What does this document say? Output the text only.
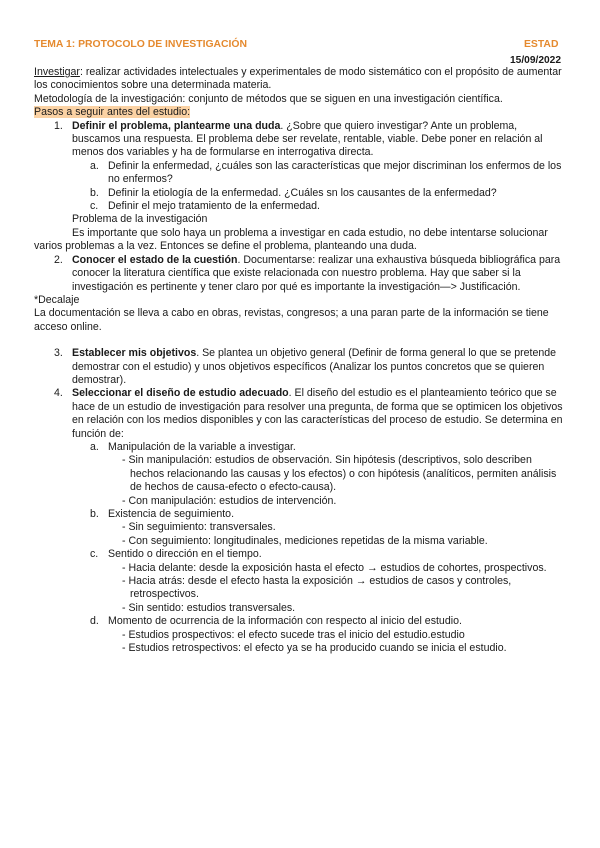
TEMA 1: PROTOCOLO DE INVESTIGACIÓN	ESTAD
15/09/2022

Investigar: realizar actividades intelectuales y experimentales de modo sistemático con el propósito de aumentar los conocimientos sobre una determinada materia.

Metodología de la investigación: conjunto de métodos que se siguen en una investigación científica.

Pasos a seguir antes del estudio:

1. Definir el problema, plantearme una duda. ¿Sobre que quiero investigar? Ante un problema, buscamos una respuesta. El problema debe ser revelate, rentable, viable. Debe poner en relación al menos dos variables y ha de formularse en interrogativa directa.
a. Definir la enfermedad, ¿cuáles son las características que mejor discriminan los enfermos de los no enfermos?
b. Definir la etiología de la enfermedad. ¿Cuáles sn los causantes de la enfermedad?
c. Definir el mejo tratamiento de la enfermedad.

Problema de la investigación

Es importante que solo haya un problema a investigar en cada estudio, no debe intentarse solucionar varios problemas a la vez. Entonces se define el problema, planteando una duda.

2. Conocer el estado de la cuestión. Documentarse: realizar una exhaustiva búsqueda bibliográfica para conocer la literatura científica que existe relacionada con nuestro problema. Hay que saber si la investigación es pertinente y tener claro por qué es importante la investigación—> Justificación.

*Decalaje

La documentación se lleva a cabo en obras, revistas, congresos; a una paran parte de la información se tiene acceso online.

3. Establecer mis objetivos. Se plantea un objetivo general (Definir de forma general lo que se pretende demostrar con el estudio) y unos objetivos específicos (Analizar los puntos concretos que se quieren demostrar).
4. Seleccionar el diseño de estudio adecuado. El diseño del estudio es el planteamiento teórico que se hace de un estudio de investigación para resolver una pregunta, de forma que se optimicen los objetivos en relación con los medios disponibles y con las características del proceso de estudio. Se determina en función de:
a. Manipulación de la variable a investigar.

- Sin manipulación: estudios de observación. Sin hipótesis (descriptivos, solo describen hechos relacionando las causas y los efectos) o con hipótesis (analíticos, permiten análisis de hechos de causa-efecto o efecto-causa).

- Con manipulación: estudios de intervención.

b. Existencia de seguimiento.

- Sin seguimiento: transversales.

- Con seguimiento: longitudinales, mediciones repetidas de la misma variable.

c. Sentido o dirección en el tiempo.

- Hacia delante: desde la exposición hasta el efecto → estudios de cohortes, prospectivos.

- Hacia atrás: desde el efecto hasta la exposición → estudios de casos y controles, retrospectivos.

- Sin sentido: estudios transversales.

d. Momento de ocurrencia de la información con respecto al inicio del estudio.

- Estudios prospectivos: el efecto sucede tras el inicio del estudio.estudio

- Estudios retrospectivos: el efecto ya se ha producido cuando se inicia el estudio.
